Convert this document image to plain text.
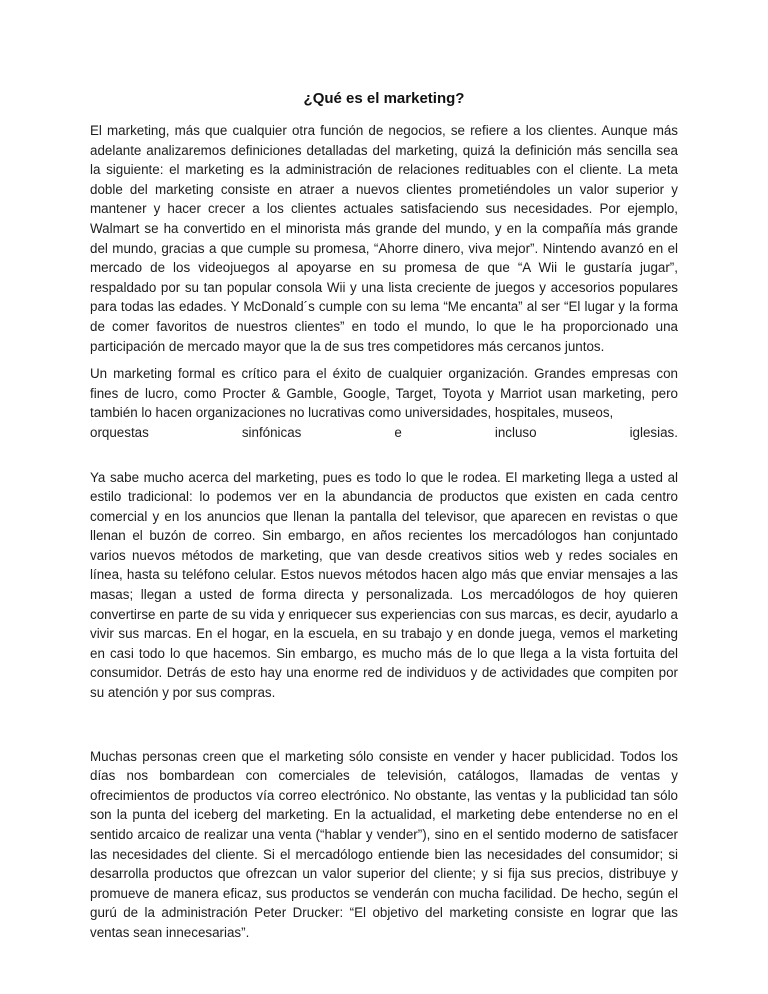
¿Qué es el marketing?

El marketing, más que cualquier otra función de negocios, se refiere a los clientes. Aunque más adelante analizaremos definiciones detalladas del marketing, quizá la definición más sencilla sea la siguiente: el marketing es la administración de relaciones redituables con el cliente. La meta doble del marketing consiste en atraer a nuevos clientes prometiéndoles un valor superior y mantener y hacer crecer a los clientes actuales satisfaciendo sus necesidades. Por ejemplo, Walmart se ha convertido en el minorista más grande del mundo, y en la compañía más grande del mundo, gracias a que cumple su promesa, “Ahorre dinero, viva mejor”. Nintendo avanzó en el mercado de los videojuegos al apoyarse en su promesa de que “A Wii le gustaría jugar”, respaldado por su tan popular consola Wii y una lista creciente de juegos y accesorios populares para todas las edades. Y McDonald´s cumple con su lema “Me encanta” al ser “El lugar y la forma de comer favoritos de nuestros clientes” en todo el mundo, lo que le ha proporcionado una participación de mercado mayor que la de sus tres competidores más cercanos juntos.

Un marketing formal es crítico para el éxito de cualquier organización. Grandes empresas con fines de lucro, como Procter & Gamble, Google, Target, Toyota y Marriot usan marketing, pero también lo hacen organizaciones no lucrativas como universidades, hospitales, museos,

orquestas	sinfónicas	e	incluso	iglesias.

Ya sabe mucho acerca del marketing, pues es todo lo que le rodea. El marketing llega a usted al estilo tradicional: lo podemos ver en la abundancia de productos que existen en cada centro comercial y en los anuncios que llenan la pantalla del televisor, que aparecen en revistas o que llenan el buzón de correo. Sin embargo, en años recientes los mercadólogos han conjuntado varios nuevos métodos de marketing, que van desde creativos sitios web y redes sociales en línea, hasta su teléfono celular. Estos nuevos métodos hacen algo más que enviar mensajes a las masas; llegan a usted de forma directa y personalizada. Los mercadólogos de hoy quieren convertirse en parte de su vida y enriquecer sus experiencias con sus marcas, es decir, ayudarlo a vivir sus marcas. En el hogar, en la escuela, en su trabajo y en donde juega, vemos el marketing en casi todo lo que hacemos. Sin embargo, es mucho más de lo que llega a la vista fortuita del consumidor. Detrás de esto hay una enorme red de individuos y de actividades que compiten por su atención y por sus compras.

Muchas personas creen que el marketing sólo consiste en vender y hacer publicidad. Todos los días nos bombardean con comerciales de televisión, catálogos, llamadas de ventas y ofrecimientos de productos vía correo electrónico. No obstante, las ventas y la publicidad tan sólo son la punta del iceberg del marketing. En la actualidad, el marketing debe entenderse no en el sentido arcaico de realizar una venta (“hablar y vender”), sino en el sentido moderno de satisfacer las necesidades del cliente. Si el mercadólogo entiende bien las necesidades del consumidor; si desarrolla productos que ofrezcan un valor superior del cliente; y si fija sus precios, distribuye y promueve de manera eficaz, sus productos se venderán con mucha facilidad. De hecho, según el gurú de la administración Peter Drucker: “El objetivo del marketing consiste en lograr que las ventas sean innecesarias”.
